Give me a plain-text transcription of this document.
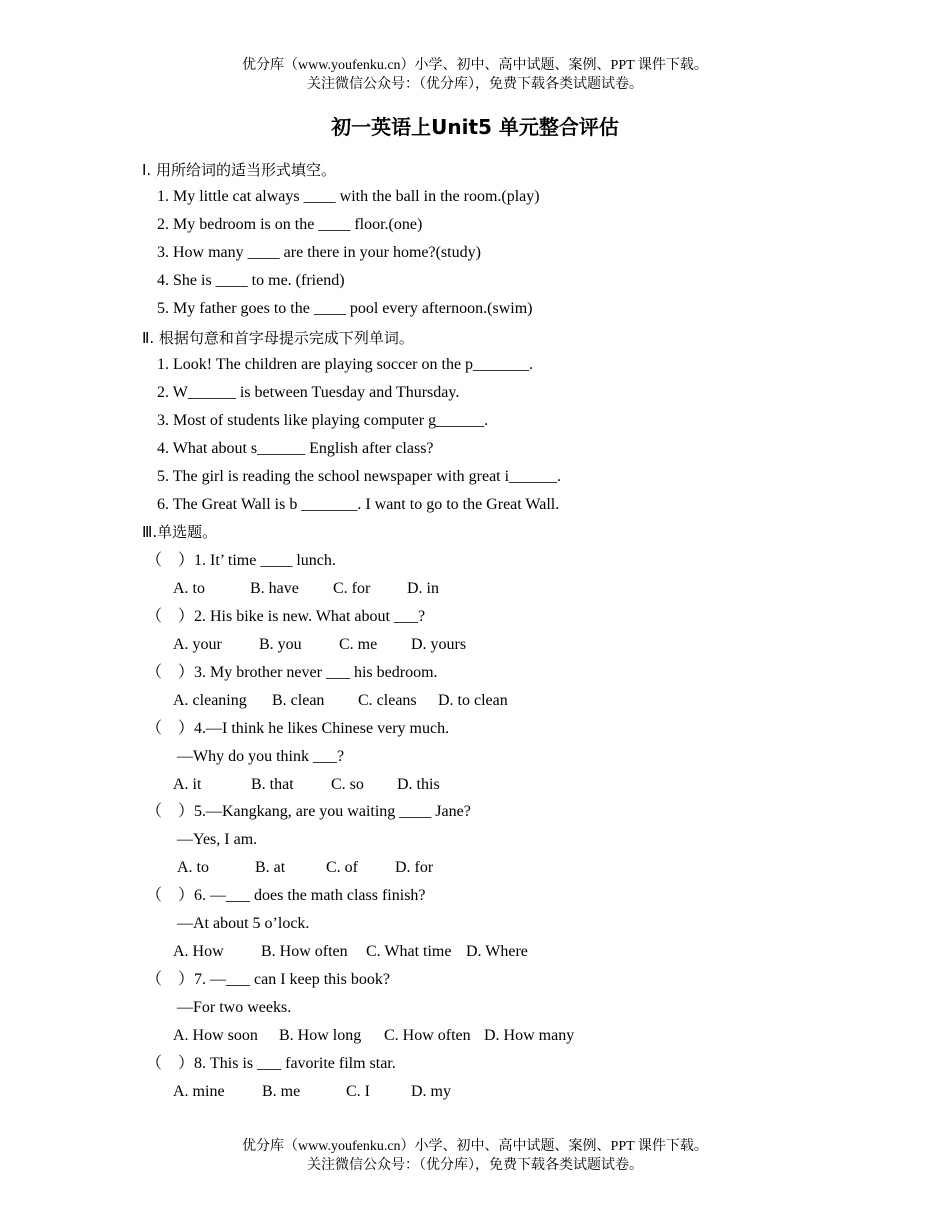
优分库（www.youfenku.cn）小学、初中、高中试题、案例、PPT 课件下载。
关注微信公众号：（优分库），免费下载各类试题试卷。
初一英语上Unit5 单元整合评估
Ⅰ. 用所给词的适当形式填空。
1. My little cat always ____ with the ball in the room.(play)
2. My bedroom is on the ____ floor.(one)
3. How many ____ are there in your home?(study)
4. She is ____ to me. (friend)
5. My father goes to the ____ pool every afternoon.(swim)
Ⅱ. 根据句意和首字母提示完成下列单词。
1. Look! The children are playing soccer on the p_______.
2. W______ is between Tuesday and Thursday.
3. Most of students like playing computer g______.
4. What about s______ English after class?
5. The girl is reading the school newspaper with great i______.
6. The Great Wall is b _______. I want to go to the Great Wall.
Ⅲ.单选题。
（    ）1. It’ time ____ lunch.
A. to	B. have C. for D. in
（    ）2. His bike is new. What about ___?
A. your B. you C. me D. yours
（    ）3. My brother never ___ his bedroom.
A. cleaning B. clean C. cleans D. to clean
（    ）4.—I think he likes Chinese very much.
—Why do you think ___?
A. it	B. that C. so D. this
（    ）5.—Kangkang, are you waiting ____ Jane?
—Yes, I am.
A. to	B. at	C. of D. for
（    ）6. —___ does the math class finish?
—At about 5 o’lock.
A. How B. How often C. What time D. Where
（    ）7. —___ can I keep this book?
—For two weeks.
A. How soon B. How long C. How often D. How many
（    ）8. This is ___ favorite film star.
A. mine B. me	C. I	D. my
优分库（www.youfenku.cn）小学、初中、高中试题、案例、PPT 课件下载。
关注微信公众号：（优分库），免费下载各类试题试卷。
